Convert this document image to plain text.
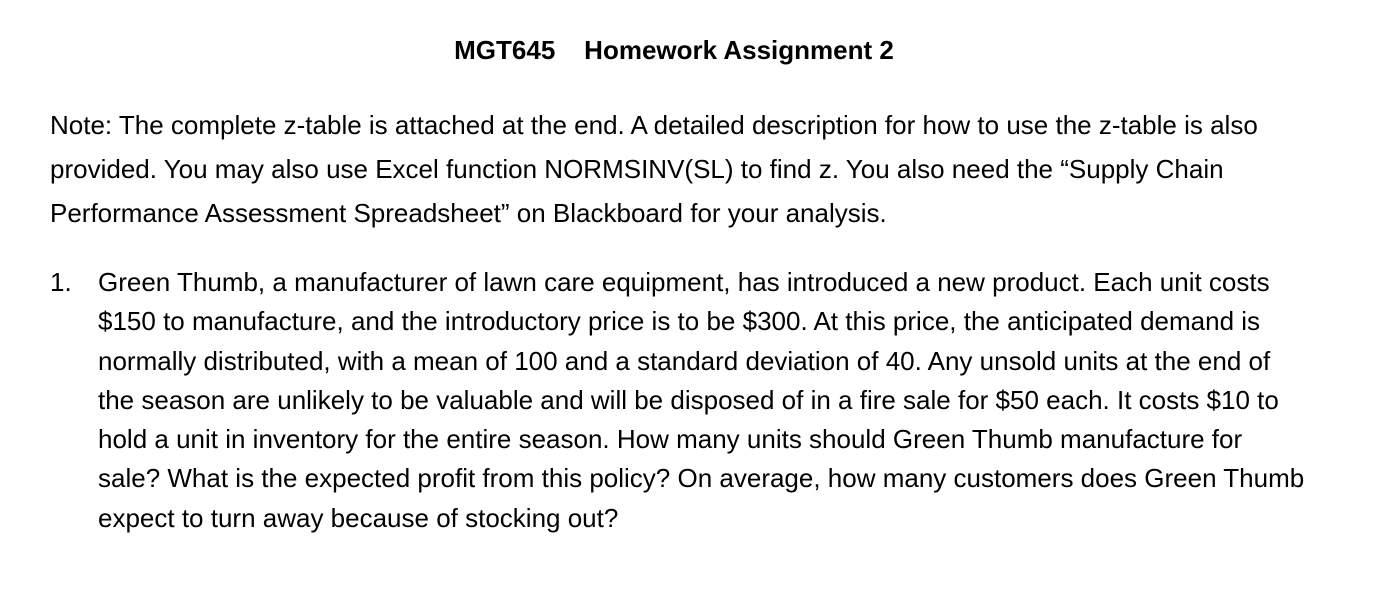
MGT645    Homework Assignment 2
Note: The complete z-table is attached at the end. A detailed description for how to use the z-table is also provided. You may also use Excel function NORMSINV(SL) to find z. You also need the “Supply Chain Performance Assessment Spreadsheet” on Blackboard for your analysis.
1.	Green Thumb, a manufacturer of lawn care equipment, has introduced a new product. Each unit costs $150 to manufacture, and the introductory price is to be $300. At this price, the anticipated demand is normally distributed, with a mean of 100 and a standard deviation of 40. Any unsold units at the end of the season are unlikely to be valuable and will be disposed of in a fire sale for $50 each. It costs $10 to hold a unit in inventory for the entire season. How many units should Green Thumb manufacture for sale? What is the expected profit from this policy? On average, how many customers does Green Thumb expect to turn away because of stocking out?
